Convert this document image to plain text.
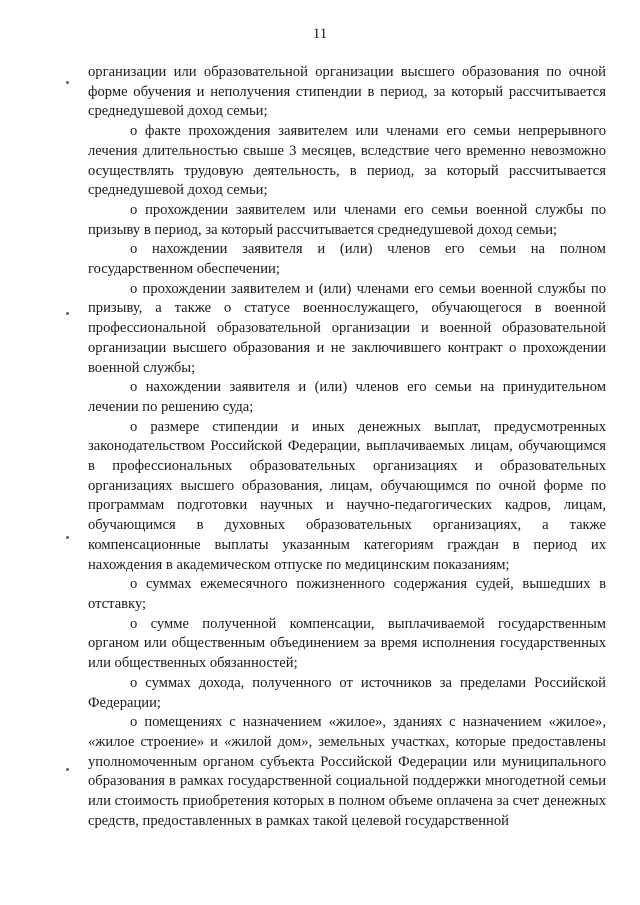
11

организации или образовательной организации высшего образования по очной форме обучения и неполучения стипендии в период, за который рассчитывается среднедушевой доход семьи;

о факте прохождения заявителем или членами его семьи непрерывного лечения длительностью свыше 3 месяцев, вследствие чего временно невозможно осуществлять трудовую деятельность, в период, за который рассчитывается среднедушевой доход семьи;

о прохождении заявителем или членами его семьи военной службы по призыву в период, за который рассчитывается среднедушевой доход семьи;

о нахождении заявителя и (или) членов его семьи на полном государственном обеспечении;

о прохождении заявителем и (или) членами его семьи военной службы по призыву, а также о статусе военнослужащего, обучающегося в военной профессиональной образовательной организации и военной образовательной организации высшего образования и не заключившего контракт о прохождении военной службы;

о нахождении заявителя и (или) членов его семьи на принудительном лечении по решению суда;

о размере стипендии и иных денежных выплат, предусмотренных законодательством Российской Федерации, выплачиваемых лицам, обучающимся в профессиональных образовательных организациях и образовательных организациях высшего образования, лицам, обучающимся по очной форме по программам подготовки научных и научно-педагогических кадров, лицам, обучающимся в духовных образовательных организациях, а также компенсационные выплаты указанным категориям граждан в период их нахождения в академическом отпуске по медицинским показаниям;

о суммах ежемесячного пожизненного содержания судей, вышедших в отставку;

о сумме полученной компенсации, выплачиваемой государственным органом или общественным объединением за время исполнения государственных или общественных обязанностей;

о суммах дохода, полученного от источников за пределами Российской Федерации;

о помещениях с назначением «жилое», зданиях с назначением «жилое», «жилое строение» и «жилой дом», земельных участках, которые предоставлены уполномоченным органом субъекта Российской Федерации или муниципального образования в рамках государственной социальной поддержки многодетной семьи или стоимость приобретения которых в полном объеме оплачена за счет денежных средств, предоставленных в рамках такой целевой государственной
